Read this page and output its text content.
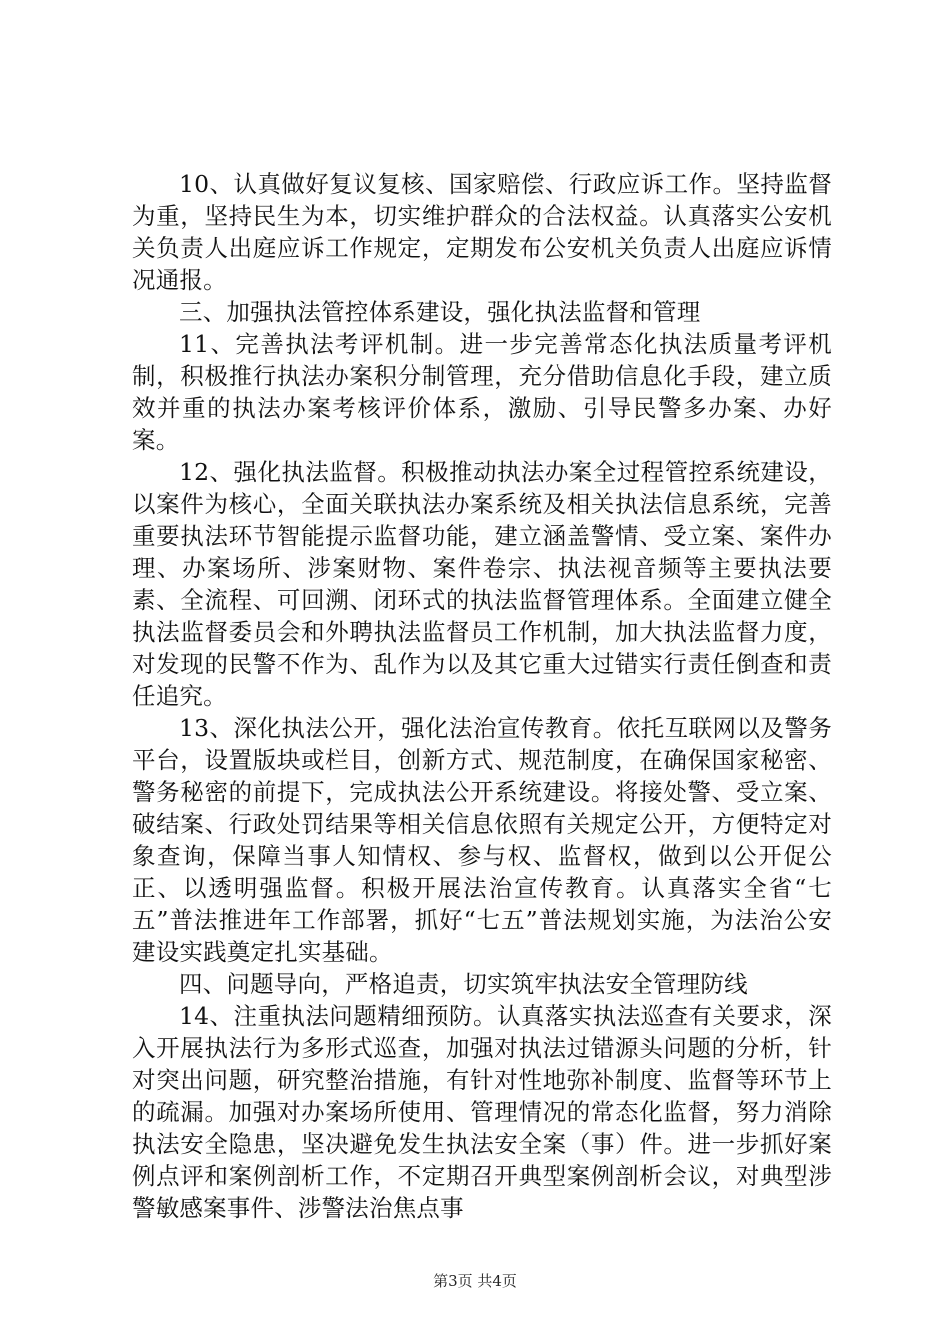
10、认真做好复议复核、国家赔偿、行政应诉工作。坚持监督为重，坚持民生为本，切实维护群众的合法权益。认真落实公安机关负责人出庭应诉工作规定，定期发布公安机关负责人出庭应诉情况通报。

三、加强执法管控体系建设，强化执法监督和管理

11、完善执法考评机制。进一步完善常态化执法质量考评机制，积极推行执法办案积分制管理，充分借助信息化手段，建立质效并重的执法办案考核评价体系，激励、引导民警多办案、办好案。

12、强化执法监督。积极推动执法办案全过程管控系统建设，以案件为核心，全面关联执法办案系统及相关执法信息系统，完善重要执法环节智能提示监督功能，建立涵盖警情、受立案、案件办理、办案场所、涉案财物、案件卷宗、执法视音频等主要执法要素、全流程、可回溯、闭环式的执法监督管理体系。全面建立健全执法监督委员会和外聘执法监督员工作机制，加大执法监督力度，对发现的民警不作为、乱作为以及其它重大过错实行责任倒查和责任追究。

13、深化执法公开，强化法治宣传教育。依托互联网以及警务平台，设置版块或栏目，创新方式、规范制度，在确保国家秘密、警务秘密的前提下，完成执法公开系统建设。将接处警、受立案、破结案、行政处罚结果等相关信息依照有关规定公开，方便特定对象查询，保障当事人知情权、参与权、监督权，做到以公开促公正、以透明强监督。积极开展法治宣传教育。认真落实全省“七五”普法推进年工作部署，抓好“七五”普法规划实施，为法治公安建设实践奠定扎实基础。

四、问题导向，严格追责，切实筑牢执法安全管理防线

14、注重执法问题精细预防。认真落实执法巡查有关要求，深入开展执法行为多形式巡查，加强对执法过错源头问题的分析，针对突出问题，研究整治措施，有针对性地弥补制度、监督等环节上的疏漏。加强对办案场所使用、管理情况的常态化监督，努力消除执法安全隐患，坚决避免发生执法安全案（事）件。进一步抓好案例点评和案例剖析工作，不定期召开典型案例剖析会议，对典型涉警敏感案事件、涉警法治焦点事

第3页 共4页
